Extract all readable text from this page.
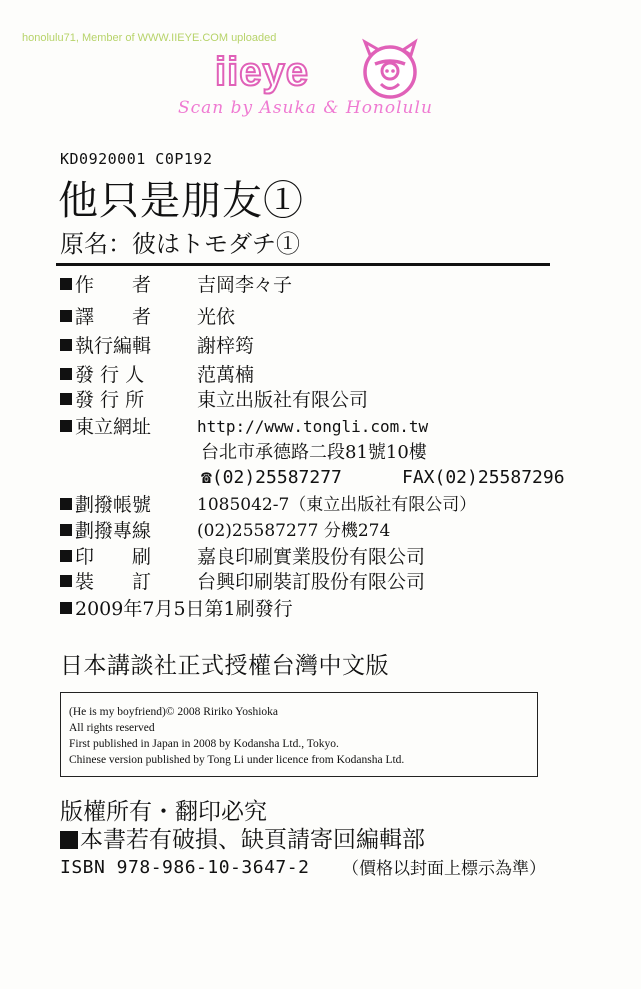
honolulu71, Member of WWW.IIEYE.COM uploaded
iieye
Scan by Asuka & Honolulu
KD0920001 C0P192
他只是朋友①
原名：彼はトモダチ①
作　　者 吉岡李々子
譯　　者 光依
執行編輯 謝梓筠
發 行 人	范萬楠
發 行 所	東立出版社有限公司
東立網址	http://www.tongli.com.tw
台北市承德路二段81號10樓
☎(02)25587277	FAX(02)25587296
劃撥帳號	1085042-7（東立出版社有限公司）
劃撥專線	(02)25587277 分機274
印　　刷 嘉良印刷實業股份有限公司
裝　　訂 台興印刷裝訂股份有限公司
2009年7月5日第1刷發行
日本講談社正式授權台灣中文版
(He is my boyfriend)© 2008 Ririko Yoshioka
All rights reserved
First published in Japan in 2008 by Kodansha Ltd., Tokyo.
Chinese version published by Tong Li under licence from Kodansha Ltd.
版權所有・翻印必究
本書若有破損、缺頁請寄回編輯部
ISBN 978-986-10-3647-2 （價格以封面上標示為準）
